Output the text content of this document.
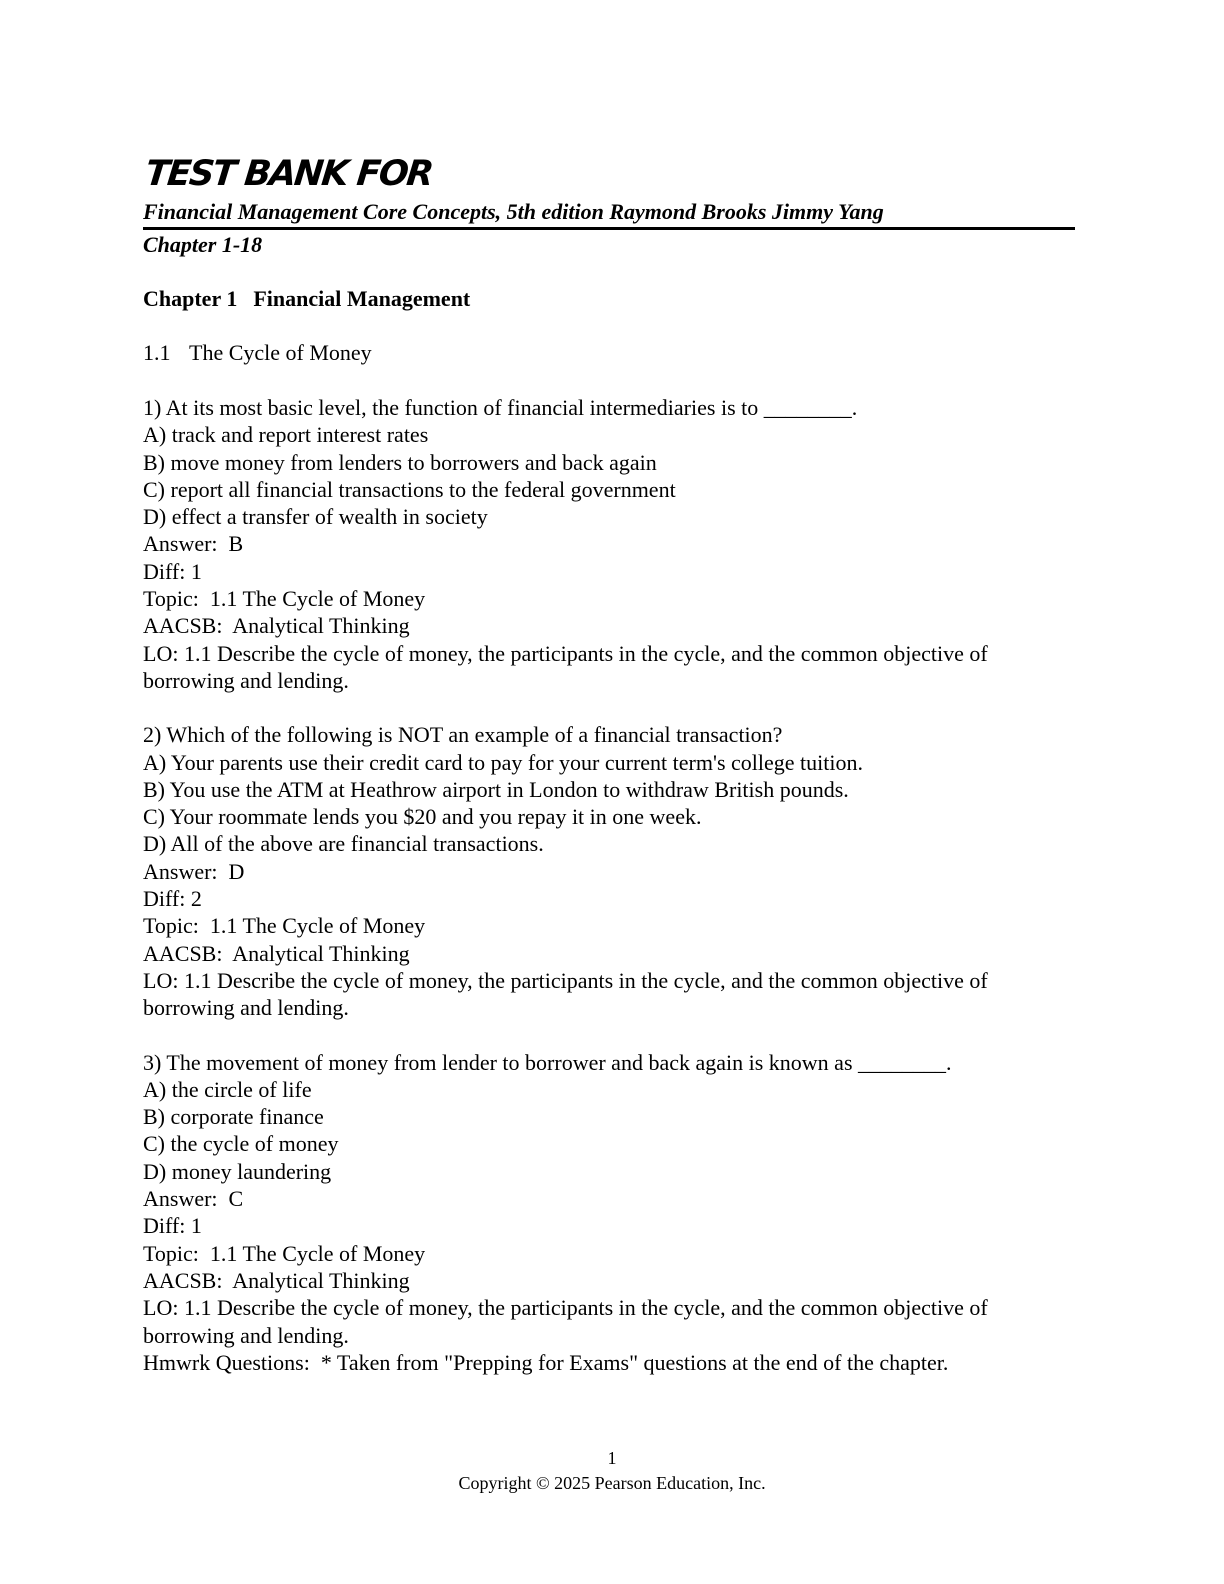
TEST BANK FOR
Financial Management Core Concepts, 5th edition Raymond Brooks Jimmy Yang
Chapter 1-18
Chapter 1 Financial Management
1.1 The Cycle of Money
1) At its most basic level, the function of financial intermediaries is to ________.
A) track and report interest rates
B) move money from lenders to borrowers and back again
C) report all financial transactions to the federal government
D) effect a transfer of wealth in society
Answer:  B
Diff: 1
Topic:  1.1 The Cycle of Money
AACSB:  Analytical Thinking
LO: 1.1 Describe the cycle of money, the participants in the cycle, and the common objective of borrowing and lending.
2) Which of the following is NOT an example of a financial transaction?
A) Your parents use their credit card to pay for your current term's college tuition.
B) You use the ATM at Heathrow airport in London to withdraw British pounds.
C) Your roommate lends you $20 and you repay it in one week.
D) All of the above are financial transactions.
Answer:  D
Diff: 2
Topic:  1.1 The Cycle of Money
AACSB:  Analytical Thinking
LO: 1.1 Describe the cycle of money, the participants in the cycle, and the common objective of borrowing and lending.
3) The movement of money from lender to borrower and back again is known as ________.
A) the circle of life
B) corporate finance
C) the cycle of money
D) money laundering
Answer:  C
Diff: 1
Topic:  1.1 The Cycle of Money
AACSB:  Analytical Thinking
LO: 1.1 Describe the cycle of money, the participants in the cycle, and the common objective of borrowing and lending.
Hmwrk Questions:  * Taken from "Prepping for Exams" questions at the end of the chapter.
1
Copyright © 2025 Pearson Education, Inc.
